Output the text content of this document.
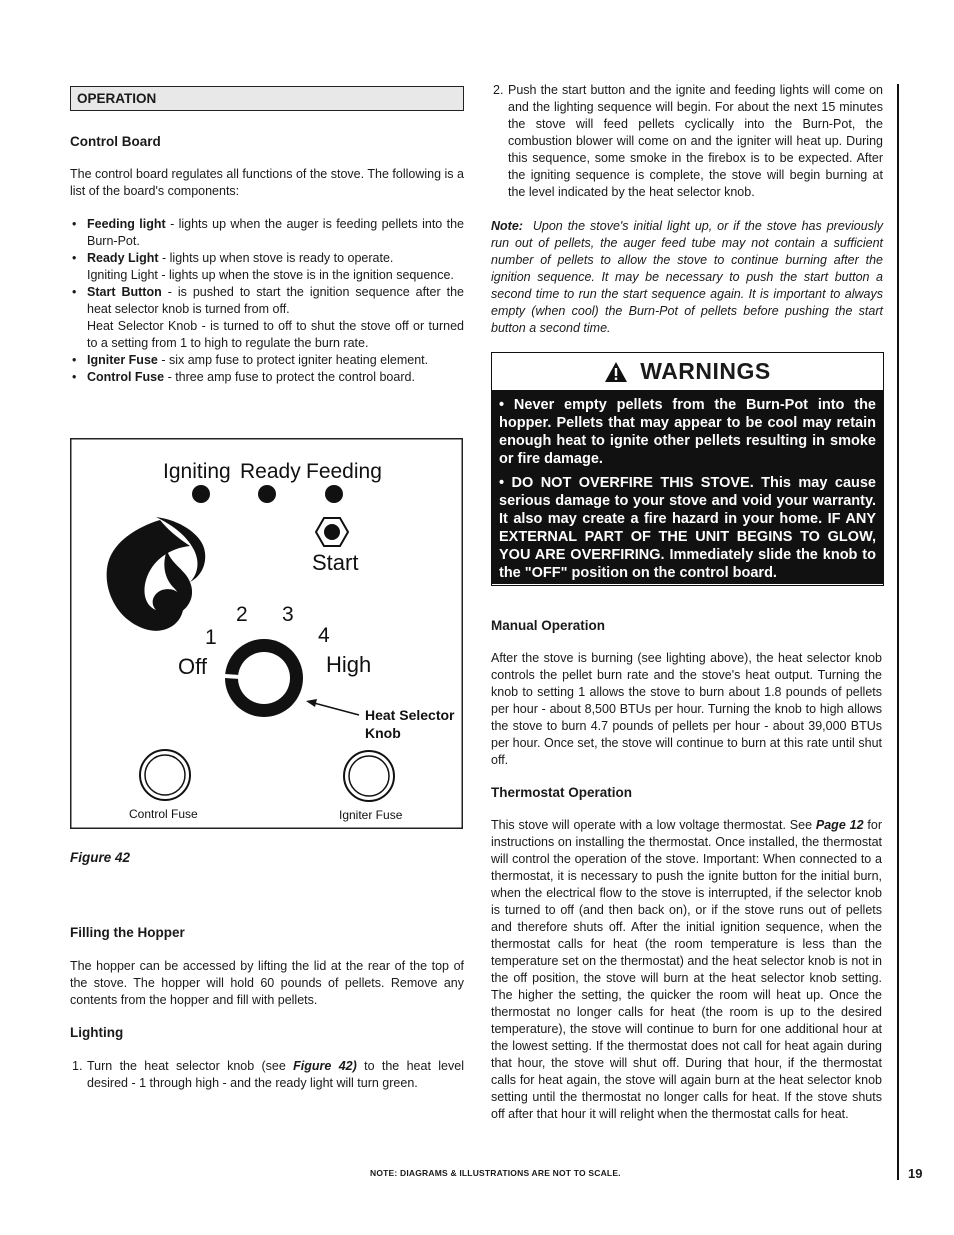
OPERATION

Control Board

The control board regulates all functions of the stove. The following is a list of the board's components:

• Feeding light - lights up when the auger is feeding pellets into the Burn-Pot.
• Ready Light - lights up when stove is ready to operate.
Igniting Light - lights up when the stove is in the ignition sequence.
• Start Button - is pushed to start the ignition sequence after the heat selector knob is turned from off.
Heat Selector Knob - is turned to off to shut the stove off or turned to a setting from 1 to high to regulate the burn rate.
• Igniter Fuse - six amp fuse to protect igniter heating element.
• Control Fuse - three amp fuse to protect the control board.
Igniting Ready Feeding
Start
2 3
1	4
Off	High
Heat Selector
Knob
Control Fuse	Igniter Fuse
Figure 42

Filling the Hopper

The hopper can be accessed by lifting the lid at the rear of the top of the stove. The hopper will hold 60 pounds of pellets. Remove any contents from the hopper and fill with pellets.

Lighting

1. Turn the heat selector knob (see Figure 42) to the heat level desired - 1 through high - and the ready light will turn green.
2. Push the start button and the ignite and feeding lights will come on and the lighting sequence will begin. For about the next 15 minutes the stove will feed pellets cyclically into the Burn-Pot, the combustion blower will come on and the igniter will heat up. During this sequence, some smoke in the firebox is to be expected. After the igniting sequence is complete, the stove will begin burning at the level indicated by the heat selector knob.

Note: Upon the stove's initial light up, or if the stove has previously run out of pellets, the auger feed tube may not contain a sufficient number of pellets to allow the stove to continue burning after the ignition sequence. It may be necessary to push the start button a second time to run the start sequence again. It is important to always empty (when cool) the Burn-Pot of pellets before pushing the start button a second time.

WARNINGS

• Never empty pellets from the Burn-Pot into the hopper. Pellets that may appear to be cool may retain enough heat to ignite other pellets resulting in smoke or fire damage.

• DO NOT OVERFIRE THIS STOVE. This may cause serious damage to your stove and void your warranty. It also may create a fire hazard in your home. IF ANY EXTERNAL PART OF THE UNIT BEGINS TO GLOW, YOU ARE OVERFIRING. Immediately slide the knob to the "OFF" position on the control board.

Manual Operation

After the stove is burning (see lighting above), the heat selector knob controls the pellet burn rate and the stove's heat output. Turning the knob to setting 1 allows the stove to burn about 1.8 pounds of pellets per hour - about 8,500 BTUs per hour. Turning the knob to high allows the stove to burn 4.7 pounds of pellets per hour - about 39,000 BTUs per hour. Once set, the stove will continue to burn at this rate until shut off.

Thermostat Operation

This stove will operate with a low voltage thermostat. See Page 12 for instructions on installing the thermostat. Once installed, the thermostat will control the operation of the stove. Important: When connected to a thermostat, it is necessary to push the ignite button for the initial burn, when the electrical flow to the stove is interrupted, if the selector knob is turned to off (and then back on), or if the stove runs out of pellets and therefore shuts off. After the initial ignition sequence, when the thermostat calls for heat (the room temperature is less than the temperature set on the thermostat) and the heat selector knob is not in the off position, the stove will burn at the heat selector knob setting. The higher the setting, the quicker the room will heat up. Once the thermostat no longer calls for heat (the room is up to the desired temperature), the stove will continue to burn for one additional hour at the lowest setting. If the thermostat does not call for heat again during that hour, the stove will shut off. During that hour, if the thermostat calls for heat again, the stove will again burn at the heat selector knob setting until the thermostat no longer calls for heat. If the stove shuts off after that hour it will relight when the thermostat calls for heat.

NOTE: DIAGRAMS & ILLUSTRATIONS ARE NOT TO SCALE.	19
